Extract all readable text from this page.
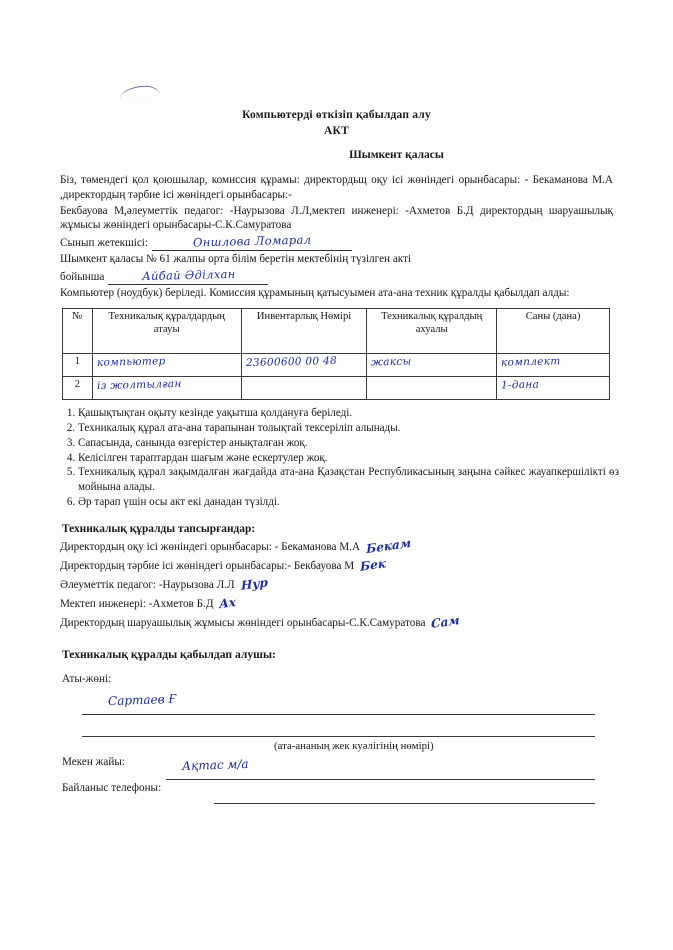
Компьютерді өткізіп қабылдап алу
АКТ
Шымкент қаласы
Біз, төмендегі қол қоюшылар, комиссия құрамы: директордьщ оқу ісі жөніндегі орынбасары: - Бекаманова М.А ,директордың тәрбие ісі жөніндегі орынбасары:-
Бекбауова М,әлеуметтік педагог: -Наурызова Л.Л,мектеп инженері: -Ахметов Б.Д директордың шаруашылық жұмысы жөніндегі орынбасары-С.К.Самуратова
Сынып жетекшісі:	Оншлова Ломарал
Шымкент қаласы № 61 жалпы орта білім беретін мектебінің түзілген акті
бойынша	Айбай Әділхан
Компьютер (ноудбук) беріледі. Комиссия құрамының қатысуымен ата-ана техник құралды қабылдап алды:
№	Техникалық құралдардың атауы	Инвентарлық Нөмірі	Техникалық құралдың ахуалы	Саны (дана)
1	компьютер	23600600 00 48	жаксы	комплект
2	із жолтылған			1-дана
1. Қашықтықтан оқыту кезінде уақытша қолдануға беріледі.
2. Техникалық құрал ата-ана тарапынан толықтай тексеріліп алынады.
3. Сапасында, санында өзгерістер анықталған жоқ.
4. Келісілген тараптардан шағым және ескертулер жоқ.
5. Техникалық құрал зақымдалған жағдайда ата-ана Қазақстан Республикасының заңына сәйкес жауапкершілікті өз мойнына алады.
6. Әр тарап үшін осы акт екі данадан түзілді.
Техникалық құралды тапсырғандар:
Директордың оқу ісі жөніндегі орынбасары: - Бекаманова М.А Бекам
Директордың тәрбие ісі жөніндегі орынбасары:- Бекбауова М Бек
Әлеуметтік педагог: -Наурызова Л.Л Нур
Мектеп инженері: -Ахметов Б.Д Ах
Директордың шаруашылық жұмысы жөніндегі орынбасары-С.К.Самуратова Сам
Техникалық құралды қабылдап алушы:
Аты-жөні:
Сартаев Ғ
(ата-ананың жек куәлігінің нөмірі)
Мекен жайы:	Ақтас м/а
Байланыс телефоны:
